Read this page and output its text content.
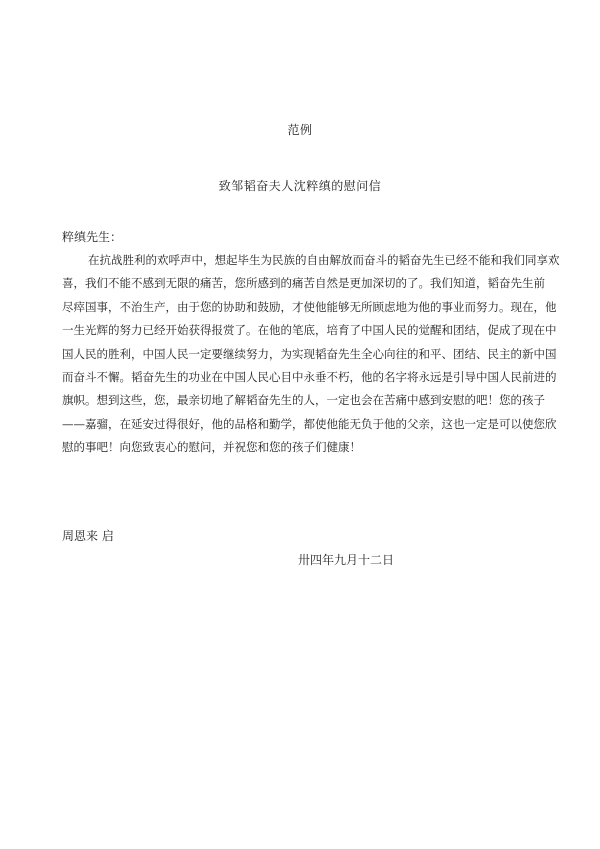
范例
致邹韬奋夫人沈粹缜的慰问信
粹缜先生：
在抗战胜利的欢呼声中，想起毕生为民族的自由解放而奋斗的韬奋先生已经不能和我们同享欢
喜，我们不能不感到无限的痛苦，您所感到的痛苦自然是更加深切的了。我们知道，韬奋先生前
尽瘁国事，不治生产，由于您的协助和鼓励，才使他能够无所顾虑地为他的事业而努力。现在，他
一生光辉的努力已经开始获得报赏了。在他的笔底，培育了中国人民的觉醒和团结，促成了现在中
国人民的胜利，中国人民一定要继续努力，为实现韬奋先生全心向往的和平、团结、民主的新中国
而奋斗不懈。韬奋先生的功业在中国人民心目中永垂不朽，他的名字将永远是引导中国人民前进的
旗帜。想到这些，您，最亲切地了解韬奋先生的人，一定也会在苦痛中感到安慰的吧！您的孩子
——嘉骝，在延安过得很好，他的品格和勤学，都使他能无负于他的父亲，这也一定是可以使您欣
慰的事吧！向您致衷心的慰问，并祝您和您的孩子们健康！
周恩来 启
卅四年九月十二日
